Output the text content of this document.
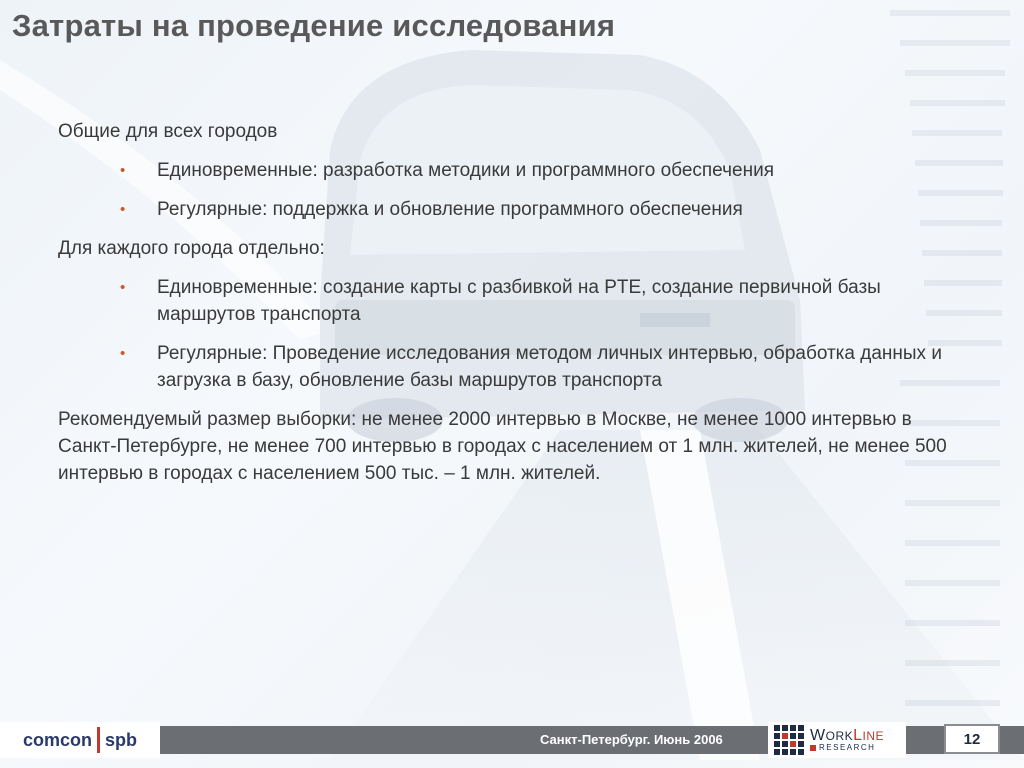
Затраты на проведение исследования

Общие для всех городов

• Единовременные: разработка методики и программного обеспечения
• Регулярные: поддержка и обновление программного обеспечения

Для каждого города отдельно:

• Единовременные: создание карты с разбивкой на PTE, создание первичной базы маршрутов транспорта
• Регулярные: Проведение исследования методом личных интервью, обработка данных и загрузка в базу, обновление базы маршрутов транспорта

Рекомендуемый размер выборки: не менее 2000 интервью в Москве, не менее 1000 интервью в Санкт-Петербурге, не менее 700 интервью в городах с населением от 1 млн. жителей, не менее 500 интервью в городах с населением 500 тыс. – 1 млн. жителей.

comcon spb	Санкт-Петербург. Июнь 2006	WORKLINE
RESEARCH	12
